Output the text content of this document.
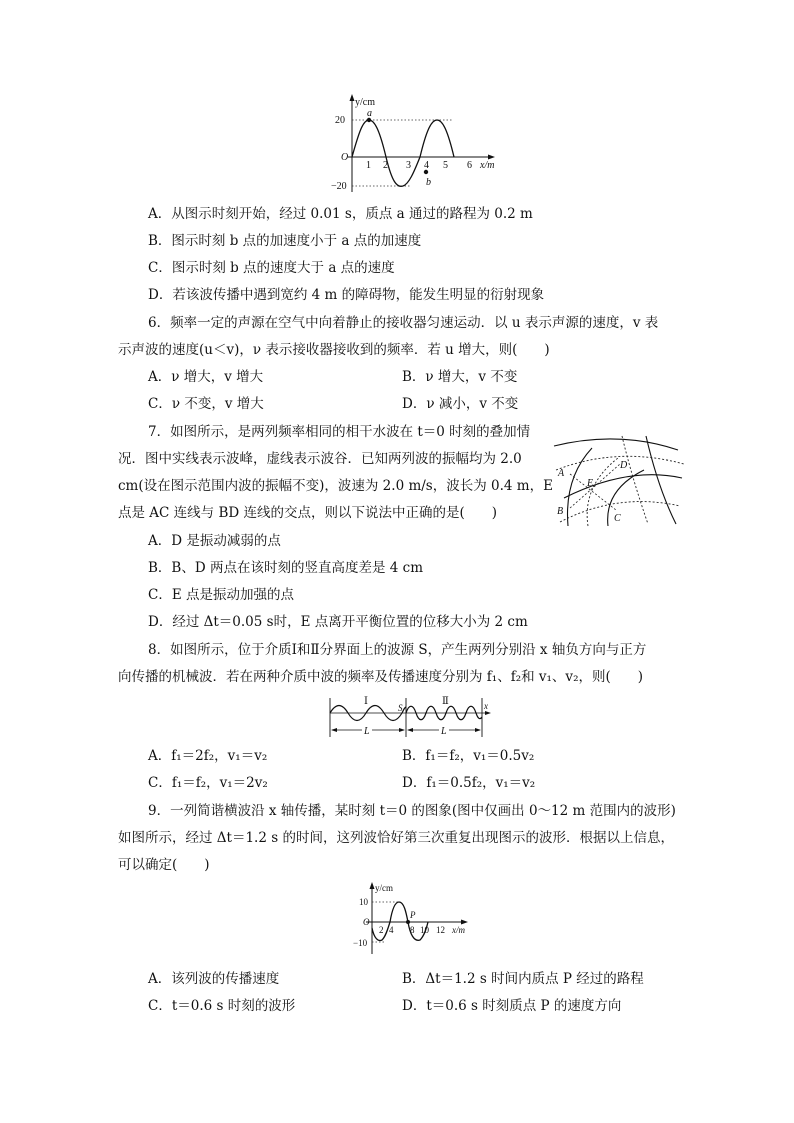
y/cm
x/m
O
20
−20
1 2 3 4 5 6
a
b
A．从图示时刻开始，经过 0.01 s，质点 a 通过的路程为 0.2 m
B．图示时刻 b 点的加速度小于 a 点的加速度
C．图示时刻 b 点的速度大于 a 点的速度
D．若该波传播中遇到宽约 4 m 的障碍物，能发生明显的衍射现象
6．频率一定的声源在空气中向着静止的接收器匀速运动．以 u 表示声源的速度，v 表
示声波的速度(u＜v)，ν 表示接收器接收到的频率．若 u 增大，则(　　)
A．ν 增大，v 增大	B．ν 增大，v 不变
C．ν 不变，v 增大	D．ν 减小，v 不变
7．如图所示，是两列频率相同的相干水波在 t＝0 时刻的叠加情
况．图中实线表示波峰，虚线表示波谷．已知两列波的振幅均为 2.0
cm(设在图示范围内波的振幅不变)，波速为 2.0 m/s，波长为 0.4 m，E
点是 AC 连线与 BD 连线的交点，则以下说法中正确的是(　　)
A．D 是振动减弱的点
B．B、D 两点在该时刻的竖直高度差是 4 cm
C．E 点是振动加强的点
D．经过 Δt＝0.05 s时，E 点离开平衡位置的位移大小为 2 cm
A
B
C
D
E
8．如图所示，位于介质Ⅰ和Ⅱ分界面上的波源 S，产生两列分别沿 x 轴负方向与正方
向传播的机械波．若在两种介质中波的频率及传播速度分别为 f₁、f₂和 v₁、v₂，则(　　)
L	L
Ⅰ	Ⅱ
S	x
A．f₁＝2f₂，v₁＝v₂	B．f₁＝f₂，v₁＝0.5v₂
C．f₁＝f₂，v₁＝2v₂	D．f₁＝0.5f₂，v₁＝v₂
9．一列简谐横波沿 x 轴传播，某时刻 t＝0 的图象(图中仅画出 0～12 m 范围内的波形)
如图所示，经过 Δt＝1.2 s 的时间，这列波恰好第三次重复出现图示的波形．根据以上信息，
可以确定(　　)
y/cm
x/m
O
10
−10
2 4 8 10 12
P
A．该列波的传播速度	B．Δt＝1.2 s 时间内质点 P 经过的路程
C．t＝0.6 s 时刻的波形	D．t＝0.6 s 时刻质点 P 的速度方向
